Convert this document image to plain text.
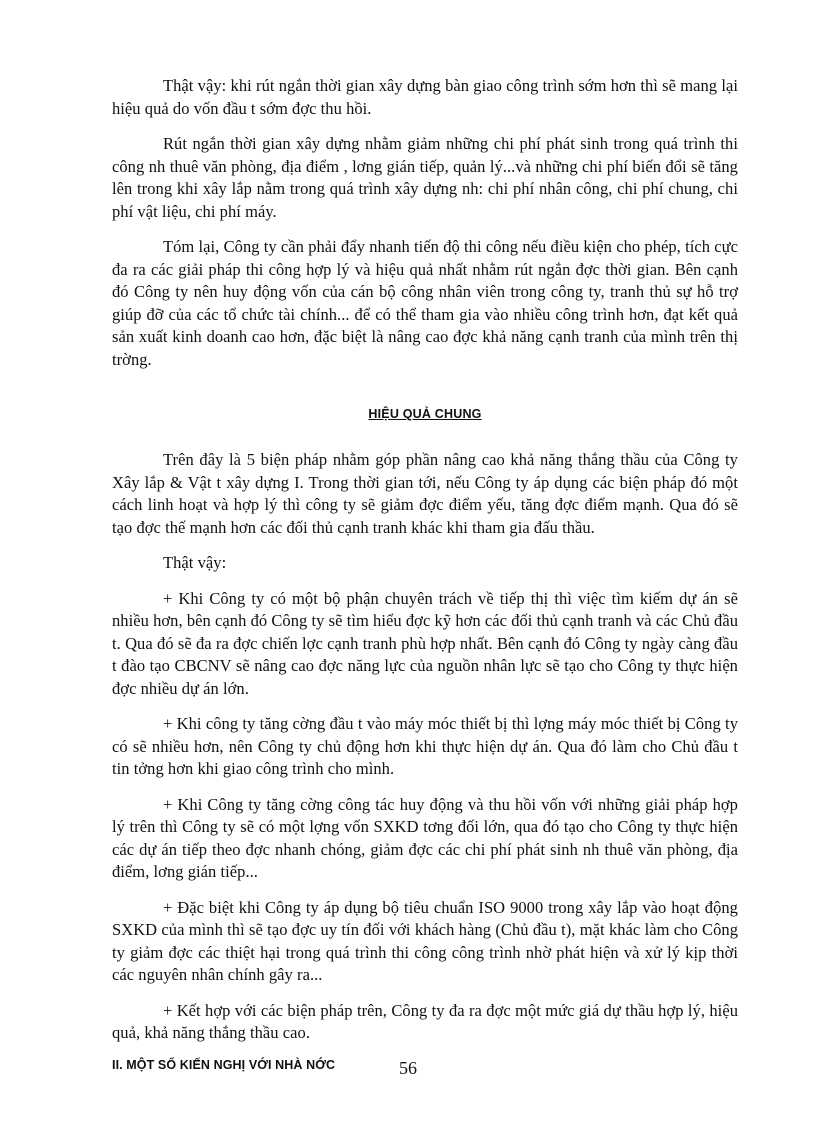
Thật vậy: khi rút ngắn thời gian xây dựng bàn giao công trình sớm hơn thì sẽ mang lại hiệu quả do vốn đầu t sớm đợc thu hồi.

Rút ngắn thời gian xây dựng nhằm giảm những chi phí phát sinh trong quá trình thi công nh thuê văn phòng, địa điểm , lơng gián tiếp, quản lý...và những chi phí biến đổi sẽ tăng lên trong khi xây lắp nằm trong quá trình xây dựng nh: chi phí nhân công, chi phí chung, chi phí vật liệu, chi phí máy.

Tóm lại, Công ty cần phải đẩy nhanh tiến độ thi công nếu điều kiện cho phép, tích cực đa ra các giải pháp thi công hợp lý và hiệu quả nhất nhằm rút ngắn đợc thời gian. Bên cạnh đó Công ty nên huy động vốn của cán bộ công nhân viên trong công ty, tranh thủ sự hỗ trợ giúp đỡ của các tổ chức tài chính... để có thể tham gia vào nhiều công trình hơn, đạt kết quả sản xuất kinh doanh cao hơn, đặc biệt là nâng cao đợc khả năng cạnh tranh của mình trên thị trờng.

HIỆU QUẢ CHUNG

Trên đây là 5 biện pháp nhằm góp phần nâng cao khả năng thắng thầu của Công ty Xây lắp & Vật t xây dựng I. Trong thời gian tới, nếu Công ty áp dụng các biện pháp đó một cách linh hoạt và hợp lý thì công ty sẽ giảm đợc điểm yếu, tăng đợc điểm mạnh. Qua đó sẽ tạo đợc thế mạnh hơn các đối thủ cạnh tranh khác khi tham gia đấu thầu.

Thật vậy:

+ Khi Công ty có một bộ phận chuyên trách về tiếp thị thì việc tìm kiếm dự án sẽ nhiều hơn, bên cạnh đó Công ty sẽ tìm hiểu đợc kỹ hơn các đối thủ cạnh tranh và các Chủ đầu t. Qua đó sẽ đa ra đợc chiến lợc cạnh tranh phù hợp nhất. Bên cạnh đó Công ty ngày càng đầu t đào tạo CBCNV sẽ nâng cao đợc năng lực của nguồn nhân lực sẽ tạo cho Công ty thực hiện đợc nhiều dự án lớn.

+ Khi công ty tăng cờng đầu t vào máy móc thiết bị thì lợng máy móc thiết bị Công ty có sẽ nhiều hơn, nên Công ty chủ động hơn khi thực hiện dự án. Qua đó làm cho Chủ đầu t tin tởng hơn khi giao công trình cho mình.

+ Khi Công ty tăng cờng công tác huy động và thu hồi vốn với những giải pháp hợp lý trên thì Công ty sẽ có một lợng vốn SXKD tơng đối lớn, qua đó tạo cho Công ty thực hiện các dự án tiếp theo đợc nhanh chóng, giảm đợc các chi phí phát sinh nh thuê văn phòng, địa điểm, lơng gián tiếp...

+ Đặc biệt khi Công ty áp dụng bộ tiêu chuẩn ISO 9000 trong xây lắp vào hoạt động SXKD của mình thì sẽ tạo đợc uy tín đối với khách hàng (Chủ đầu t), mặt khác làm cho Công ty giảm đợc các thiệt hại trong quá trình thi công công trình nhờ phát hiện và xử lý kịp thời các nguyên nhân chính gây ra...

+ Kết hợp với các biện pháp trên, Công ty đa ra đợc một mức giá dự thầu hợp lý, hiệu quả, khả năng thắng thầu cao.

II. MỘT SỐ KIẾN NGHỊ VỚI NHÀ NỚC	56
